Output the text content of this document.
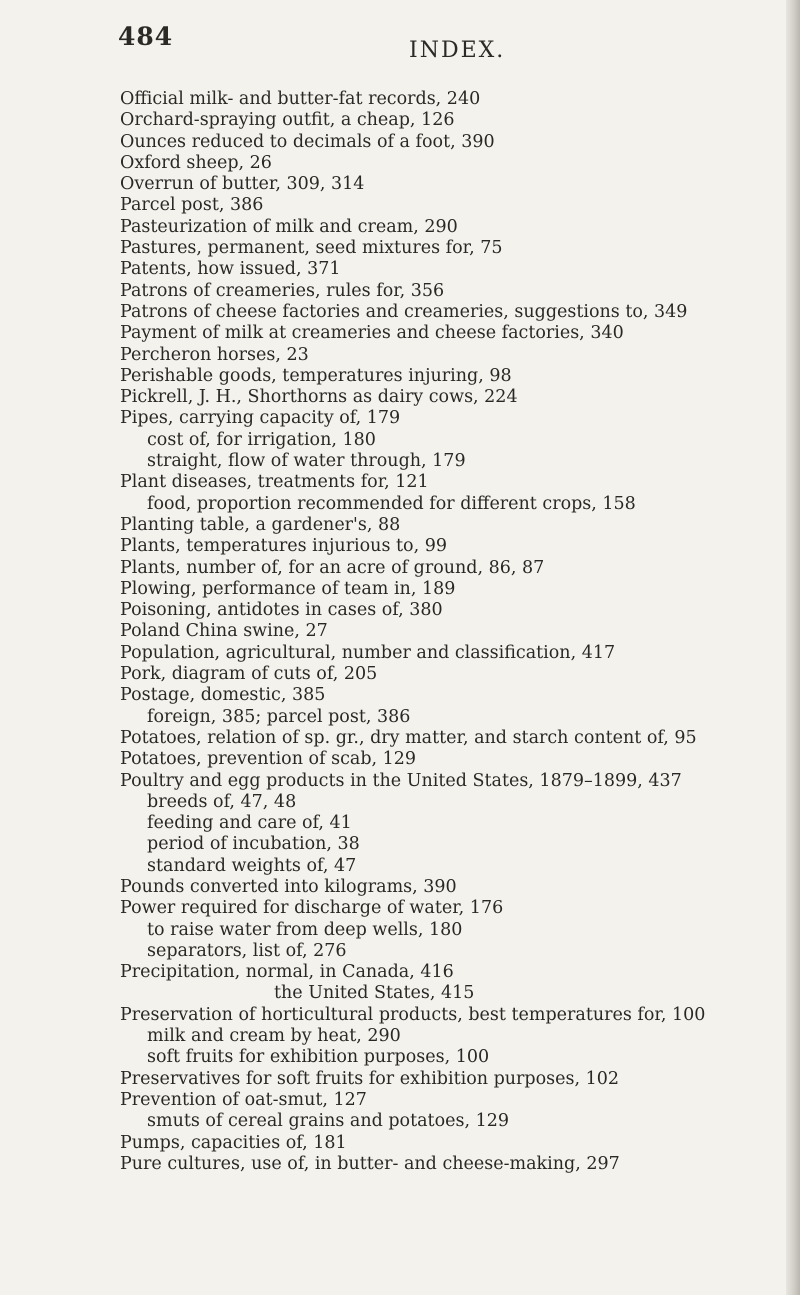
484	INDEX.
Official milk- and butter-fat records, 240
Orchard-spraying outfit, a cheap, 126
Ounces reduced to decimals of a foot, 390
Oxford sheep, 26
Overrun of butter, 309, 314
Parcel post, 386
Pasteurization of milk and cream, 290
Pastures, permanent, seed mixtures for, 75
Patents, how issued, 371
Patrons of creameries, rules for, 356
Patrons of cheese factories and creameries, suggestions to, 349
Payment of milk at creameries and cheese factories, 340
Percheron horses, 23
Perishable goods, temperatures injuring, 98
Pickrell, J. H., Shorthorns as dairy cows, 224
Pipes, carrying capacity of, 179
cost of, for irrigation, 180
straight, flow of water through, 179
Plant diseases, treatments for, 121
food, proportion recommended for different crops, 158
Planting table, a gardener's, 88
Plants, temperatures injurious to, 99
Plants, number of, for an acre of ground, 86, 87
Plowing, performance of team in, 189
Poisoning, antidotes in cases of, 380
Poland China swine, 27
Population, agricultural, number and classification, 417
Pork, diagram of cuts of, 205
Postage, domestic, 385
foreign, 385; parcel post, 386
Potatoes, relation of sp. gr., dry matter, and starch content of, 95
Potatoes, prevention of scab, 129
Poultry and egg products in the United States, 1879–1899, 437
breeds of, 47, 48
feeding and care of, 41
period of incubation, 38
standard weights of, 47
Pounds converted into kilograms, 390
Power required for discharge of water, 176
to raise water from deep wells, 180
separators, list of, 276
Precipitation, normal, in Canada, 416
the United States, 415
Preservation of horticultural products, best temperatures for, 100
milk and cream by heat, 290
soft fruits for exhibition purposes, 100
Preservatives for soft fruits for exhibition purposes, 102
Prevention of oat-smut, 127
smuts of cereal grains and potatoes, 129
Pumps, capacities of, 181
Pure cultures, use of, in butter- and cheese-making, 297
